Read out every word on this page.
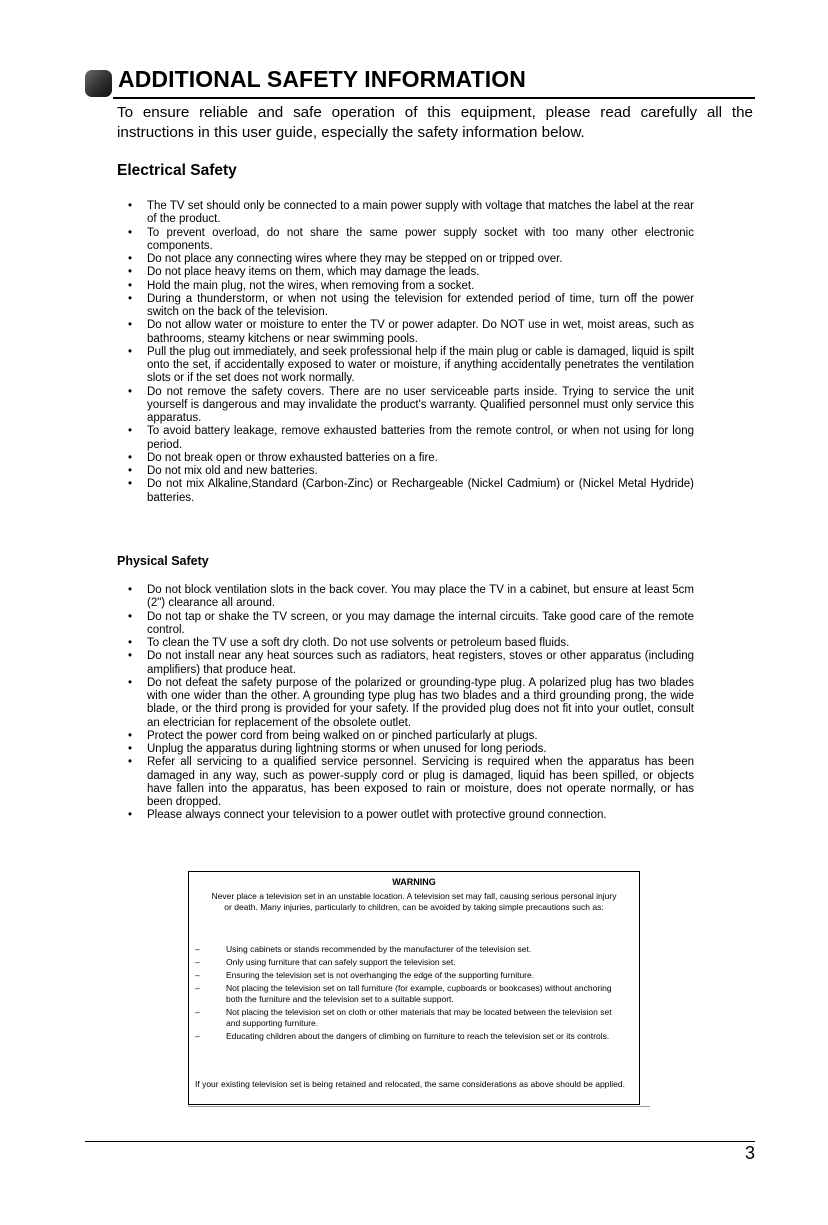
ADDITIONAL SAFETY INFORMATION

To ensure reliable and safe operation of this equipment, please read carefully all the instructions in this user guide, especially the safety information below.

Electrical Safety
• The TV set should only be connected to a main power supply with voltage that matches the label at the rear of the product.
• To prevent overload, do not share the same power supply socket with too many other electronic components.
• Do not place any connecting wires where they may be stepped on or tripped over.
• Do not place heavy items on them, which may damage the leads.
• Hold the main plug, not the wires, when removing from a socket.
• During a thunderstorm, or when not using the television for extended period of time, turn off the power switch on the back of the television.
• Do not allow water or moisture to enter the TV or power adapter. Do NOT use in wet, moist areas, such as bathrooms, steamy kitchens or near swimming pools.
• Pull the plug out immediately, and seek professional help if the main plug or cable is damaged, liquid is spilt onto the set, if accidentally exposed to water or moisture, if anything accidentally penetrates the ventilation slots or if the set does not work normally.
• Do not remove the safety covers. There are no user serviceable parts inside. Trying to service the unit yourself is dangerous and may invalidate the product's warranty. Qualified personnel must only service this apparatus.
• To avoid battery leakage, remove exhausted batteries from the remote control, or when not using for long period.
• Do not break open or throw exhausted batteries on a fire.
• Do not mix old and new batteries.
• Do not mix Alkaline,Standard (Carbon-Zinc) or Rechargeable (Nickel Cadmium) or (Nickel Metal Hydride) batteries.
Physical Safety
• Do not block ventilation slots in the back cover. You may place the TV in a cabinet, but ensure at least 5cm (2") clearance all around.
• Do not tap or shake the TV screen, or you may damage the internal circuits. Take good care of the remote control.
• To clean the TV use a soft dry cloth. Do not use solvents or petroleum based fluids.
• Do not install near any heat sources such as radiators, heat registers, stoves or other apparatus (including amplifiers) that produce heat.
• Do not defeat the safety purpose of the polarized or grounding-type plug. A polarized plug has two blades with one wider than the other. A grounding type plug has two blades and a third grounding prong, the wide blade, or the third prong is provided for your safety. If the provided plug does not fit into your outlet, consult an electrician for replacement of the obsolete outlet.
• Protect the power cord from being walked on or pinched particularly at plugs.
• Unplug the apparatus during lightning storms or when unused for long periods.
• Refer all servicing to a qualified service personnel. Servicing is required when the apparatus has been damaged in any way, such as power-supply cord or plug is damaged, liquid has been spilled, or objects have fallen into the apparatus, has been exposed to rain or moisture, does not operate normally, or has been dropped.
• Please always connect your television to a power outlet with protective ground connection.
WARNING
Never place a television set in an unstable location. A television set may fall, causing serious personal injury or death. Many injuries, particularly to children, can be avoided by taking simple precautions such as:
– Using cabinets or stands recommended by the manufacturer of the television set.
– Only using furniture that can safely support the television set.
– Ensuring the television set is not overhanging the edge of the supporting furniture.
– Not placing the television set on tall furniture (for example, cupboards or bookcases) without anchoring both the furniture and the television set to a suitable support.
– Not placing the television set on cloth or other materials that may be located between the television set and supporting furniture.
– Educating children about the dangers of climbing on furniture to reach the television set or its controls.
If your existing television set is being retained and relocated, the same considerations as above should be applied.
3
